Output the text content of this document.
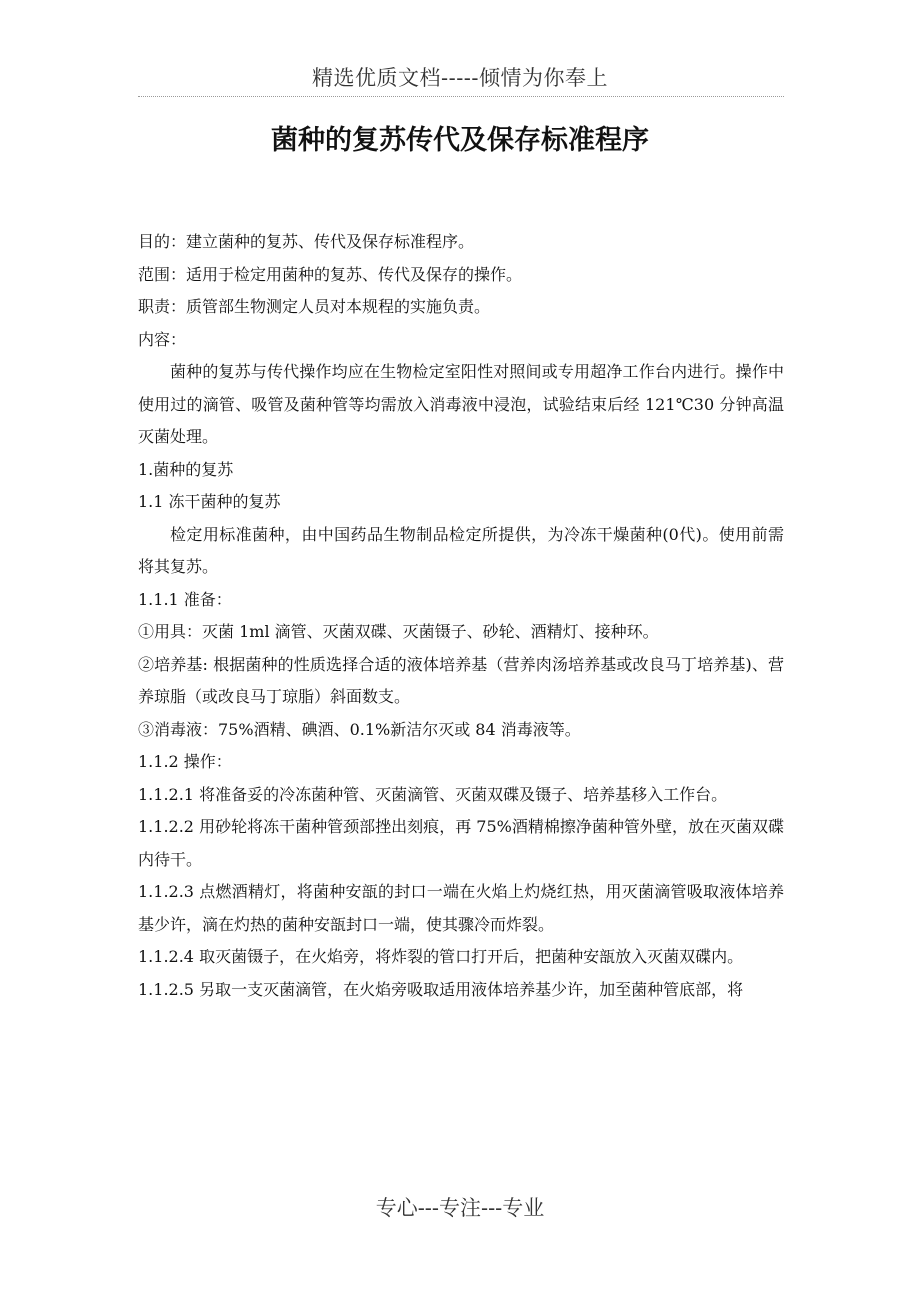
精选优质文档-----倾情为你奉上
菌种的复苏传代及保存标准程序

目的：建立菌种的复苏、传代及保存标准程序。

范围：适用于检定用菌种的复苏、传代及保存的操作。

职责：质管部生物测定人员对本规程的实施负责。

内容：

菌种的复苏与传代操作均应在生物检定室阳性对照间或专用超净工作台内进行。操作中使用过的滴管、吸管及菌种管等均需放入消毒液中浸泡，试验结束后经 121℃30 分钟高温灭菌处理。

1.菌种的复苏

1.1 冻干菌种的复苏

检定用标准菌种，由中国药品生物制品检定所提供，为冷冻干燥菌种(0代)。使用前需将其复苏。

1.1.1 准备：

①用具：灭菌 1ml 滴管、灭菌双碟、灭菌镊子、砂轮、酒精灯、接种环。

②培养基: 根据菌种的性质选择合适的液体培养基（营养肉汤培养基或改良马丁培养基)、营养琼脂（或改良马丁琼脂）斜面数支。

③消毒液：75%酒精、碘酒、0.1%新洁尔灭或 84 消毒液等。

1.1.2 操作：

1.1.2.1 将准备妥的冷冻菌种管、灭菌滴管、灭菌双碟及镊子、培养基移入工作台。

1.1.2.2 用砂轮将冻干菌种管颈部挫出刻痕，再 75%酒精棉擦净菌种管外壁，放在灭菌双碟内待干。

1.1.2.3 点燃酒精灯，将菌种安瓿的封口一端在火焰上灼烧红热，用灭菌滴管吸取液体培养基少许，滴在灼热的菌种安瓿封口一端，使其骤冷而炸裂。

1.1.2.4 取灭菌镊子，在火焰旁，将炸裂的管口打开后，把菌种安瓿放入灭菌双碟内。

1.1.2.5 另取一支灭菌滴管，在火焰旁吸取适用液体培养基少许，加至菌种管底部，将

专心---专注---专业
